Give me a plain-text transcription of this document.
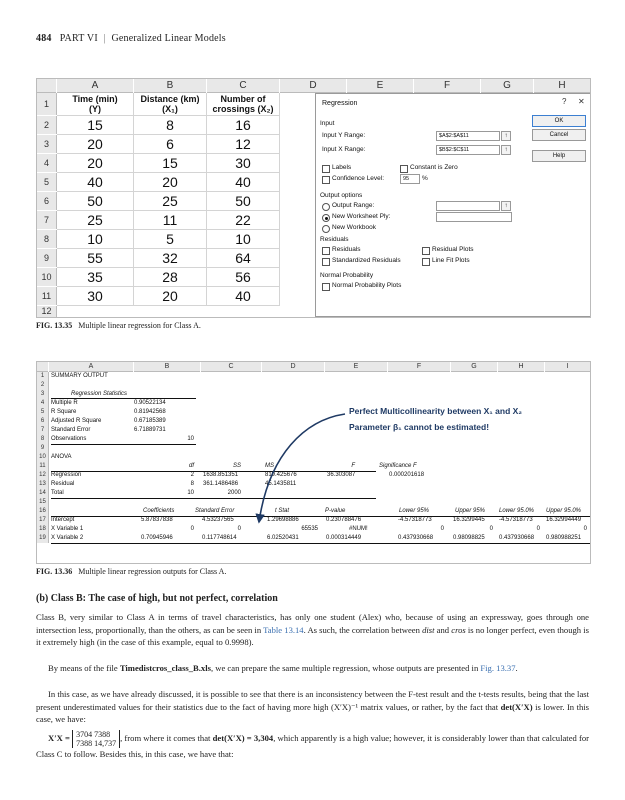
484 PART VI | Generalized Linear Models
A	B	C	D	E	F	G	H
1
2
3
4
5
6
7
8
9
10
11
12
Time (min)
(Y)
Distance (km)
(X₁)
Number of
crossings (X₂)
15	8	16
20	6	12
20	15	30
40	20	40
50	25	50
25	11	22
10	5	10
55	32	64
35	28	56
30	20	40
Regression	? ✕
Input
Input Y Range:	$A$2:$A$11	↑
Input X Range:	$B$2:$C$11	↑
Labels	Constant is Zero
Confidence Level:	95	%
Output options
Output Range:	↑
New Worksheet Ply:
New Workbook
Residuals
Residuals	Residual Plots
Standardized Residuals	Line Fit Plots
Normal Probability
Normal Probability Plots
OK
Cancel
Help
FIG. 13.35 Multiple linear regression for Class A.
A	B	C	D	E	F	G	H	I
1
2
3
4
5
6
7
8
9
10
11
12
13
14
15
16
17
18
19
SUMMARY OUTPUT
Regression Statistics
Multiple R	0.90522134
R Square	0.81942568
Adjusted R Square	0.67185389
Standard Error	6.71889731
Observations	10
ANOVA
df	SS	MS	F	Significance F
Regression	2 1638.851351	819.425676	36.303087	0.000201618
Residual	8 361.1486486	45.1435811
Total	10	2000
Coefficients	Standard Error	t Stat	P-value	Lower 95%	Upper 95% Lower 95.0% Upper 95.0%
Intercept	5.87837838	4.53237565	1.29698886	0.230788476	-4.57318773	16.3299445 -4.57318773 16.32994449
X Variable 1	0	0	65535	#NUM!	0	0	0	0
X Variable 2	0.70945946	0.117748614	6.02520431	0.000314449	0.437930668	0.98098825 0.437930668 0.980988251
Perfect Multicollinearity between X₁ and X₂
Parameter β₁ cannot be estimated!
FIG. 13.36 Multiple linear regression outputs for Class A.
(b) Class B: The case of high, but not perfect, correlation
Class B, very similar to Class A in terms of travel characteristics, has only one student (Alex) who, because of using an expressway, goes through one intersection less, proportionally, than the others, as can be seen in Table 13.14. As such, the correlation between dist and cros is no longer perfect, even though is it extremely high (in the case of this example, equal to 0.9998).
By means of the file Timedistcros_class_B.xls, we can prepare the same multiple regression, whose outputs are presented in Fig. 13.37.
In this case, as we have already discussed, it is possible to see that there is an inconsistency between the F-test result and the t-tests results, being that the last present underestimated values for their statistics due to the fact of having more high (X′X)⁻¹ matrix values, or rather, by the fact that det(X′X) is lower. In this case, we have:
X′X = 3704 7388
7388 14,737, from where it comes that det(X′X) = 3,304, which apparently is a high value; however, it is considerably lower than that calculated for Class C to follow. Besides this, in this case, we have that:
